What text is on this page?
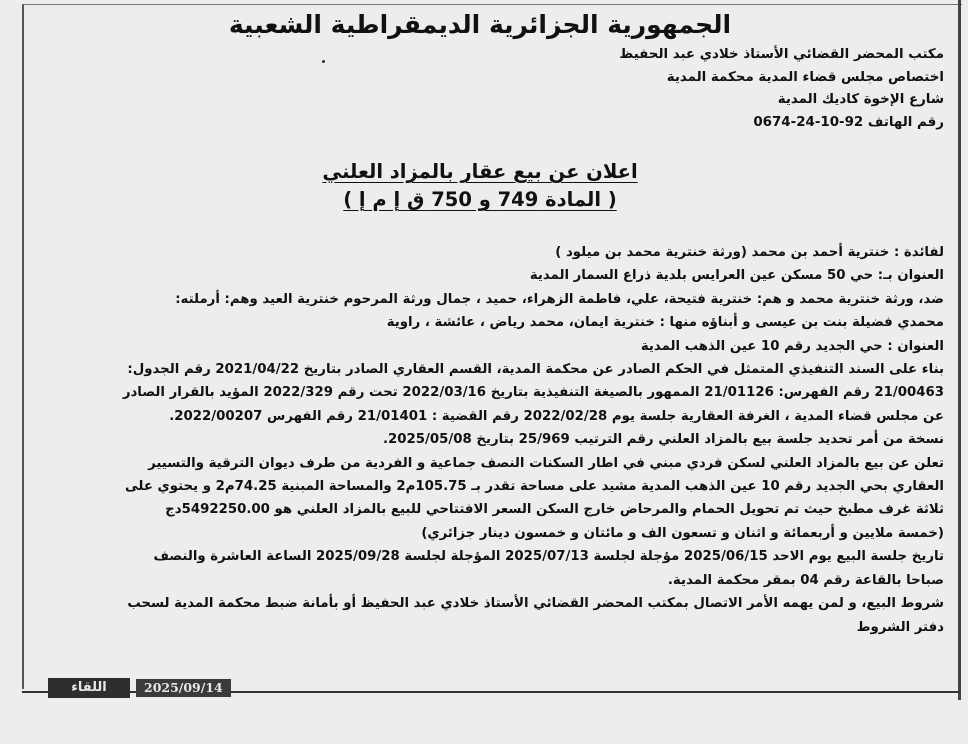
الجمهورية الجزائرية الديمقراطية الشعبية
مكتب المحضر القضائي الأستاذ خلادي عبد الحفيظ
اختصاص مجلس قضاء المدية محكمة المدية
شارع الإخوة كاديك المدية
رقم الهاتف 92-10-24-0674
اعلان عن بيع عقار بالمزاد العلني
( المادة 749 و 750 ق إ م إ )
لفائدة : خنترية أحمد بن محمد (ورثة خنترية محمد بن ميلود )
العنوان بـ: حي 50 مسكن عين العرايس بلدية ذراع السمار المدية
ضد، ورثة خنترية محمد و هم: خنترية فتيحة، علي، فاطمة الزهراء، حميد ، جمال ورثة المرحوم خنترية العيد وهم: أرملته:
محمدي فضيلة بنت بن عيسى و أبناؤه منها : خنترية ايمان، محمد رياض ، عائشة ، راوية
العنوان : حي الجديد رقم 10 عين الذهب المدية
بناء على السند التنفيذي المتمثل في الحكم الصادر عن محكمة المدية، القسم العقاري الصادر بتاريخ 2021/04/22 رقم الجدول:
21/00463 رقم الفهرس: 21/01126 الممهور بالصيغة التنفيذية بتاريخ 2022/03/16 تحت رقم 2022/329 المؤيد بالقرار الصادر
عن مجلس قضاء المدية ، الغرفة العقارية جلسة يوم 2022/02/28 رقم القضية : 21/01401 رقم الفهرس 2022/00207.
نسخة من أمر تحديد جلسة بيع بالمزاد العلني رقم الترتيب 25/969 بتاريخ 2025/05/08.
تعلن عن بيع بالمزاد العلني لسكن فردي مبني في اطار السكنات النصف جماعية و الفردية من طرف ديوان الترقية والتسيير
العقاري بحي الجديد رقم 10 عين الذهب المدية مشيد على مساحة تقدر بـ 105.75م2 والمساحة المبنية 74.25م2 و يحتوي على
ثلاثة غرف مطبخ حيث تم تحويل الحمام والمرحاض خارج السكن السعر الافتتاحي للبيع بالمزاد العلني هو 5492250.00دج
(خمسة ملايين و أربعمائة و اثنان و تسعون الف و مائتان و خمسون دينار جزائري)
تاريخ جلسة البيع يوم الاحد 2025/06/15 مؤجلة لجلسة 2025/07/13 المؤجلة لجلسة 2025/09/28 الساعة العاشرة والنصف
صباحا بالقاعة رقم 04 بمقر محكمة المدية.
شروط البيع، و لمن يهمه الأمر الاتصال بمكتب المحضر القضائي الأستاذ خلادي عبد الحفيظ أو بأمانة ضبط محكمة المدية لسحب
دفتر الشروط
اللقاء	2025/09/14
